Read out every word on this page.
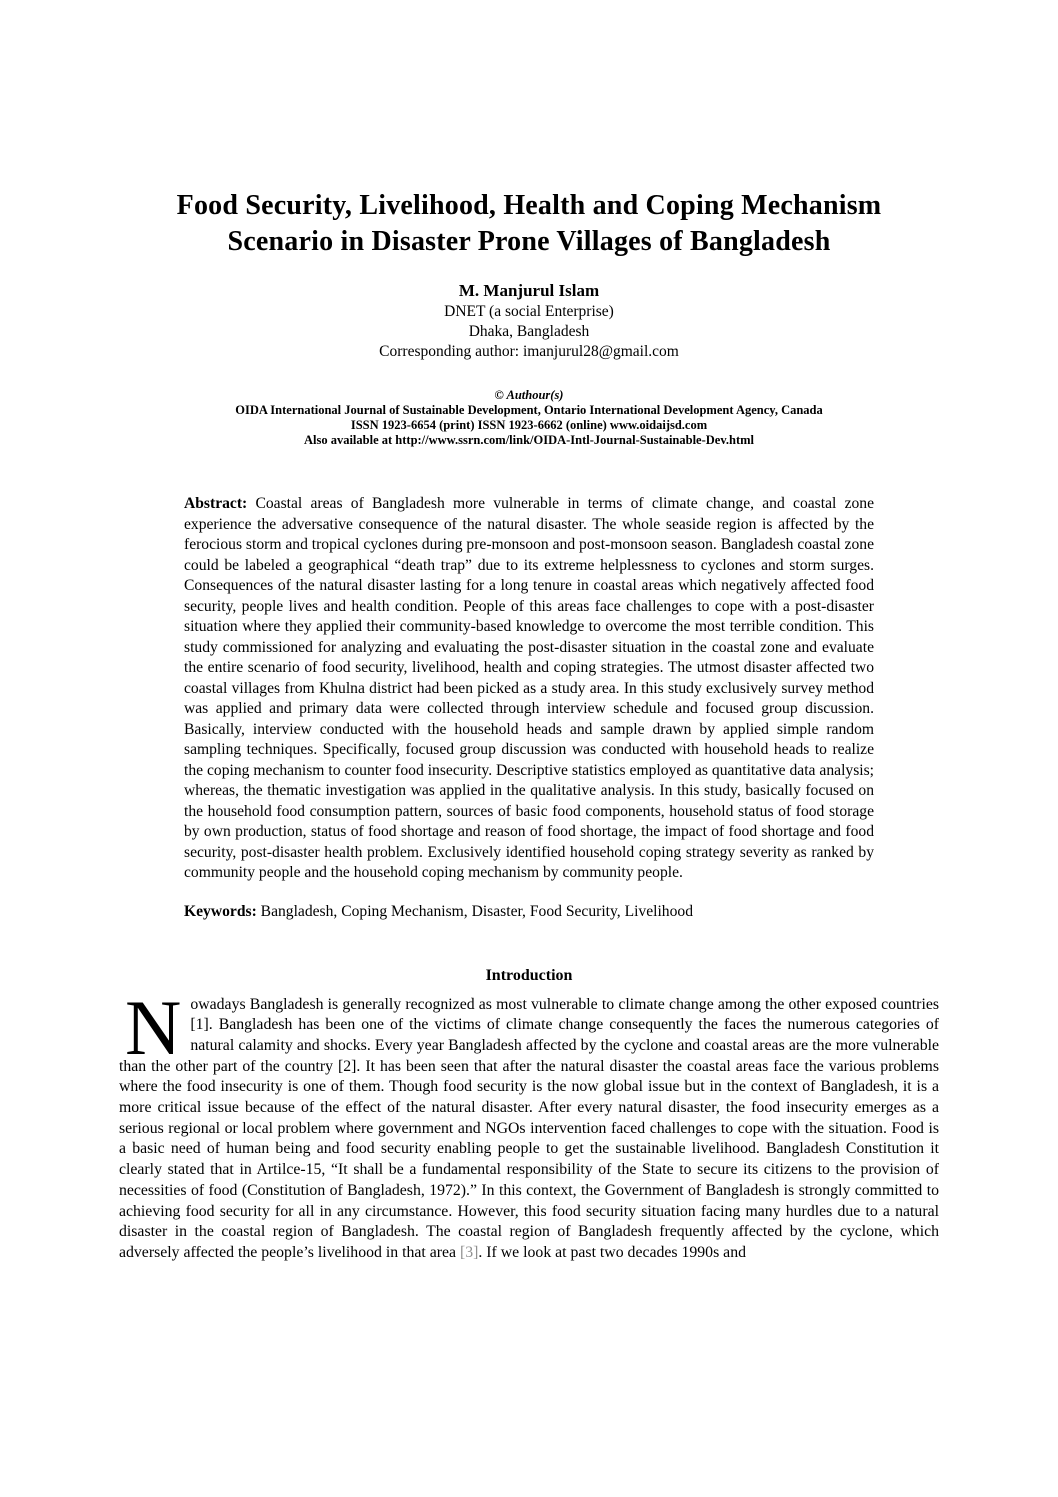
Food Security, Livelihood, Health and Coping Mechanism
Scenario in Disaster Prone Villages of Bangladesh
M. Manjurul Islam
DNET (a social Enterprise)
Dhaka, Bangladesh
Corresponding author: imanjurul28@gmail.com
© Authour(s)
OIDA International Journal of Sustainable Development, Ontario International Development Agency, Canada
ISSN 1923-6654 (print) ISSN 1923-6662 (online) www.oidaijsd.com
Also available at http://www.ssrn.com/link/OIDA-Intl-Journal-Sustainable-Dev.html

Abstract: Coastal areas of Bangladesh more vulnerable in terms of climate change, and coastal zone experience the adversative consequence of the natural disaster. The whole seaside region is affected by the ferocious storm and tropical cyclones during pre-monsoon and post-monsoon season. Bangladesh coastal zone could be labeled a geographical “death trap” due to its extreme helplessness to cyclones and storm surges. Consequences of the natural disaster lasting for a long tenure in coastal areas which negatively affected food security, people lives and health condition. People of this areas face challenges to cope with a post-disaster situation where they applied their community-based knowledge to overcome the most terrible condition. This study commissioned for analyzing and evaluating the post-disaster situation in the coastal zone and evaluate the entire scenario of food security, livelihood, health and coping strategies. The utmost disaster affected two coastal villages from Khulna district had been picked as a study area. In this study exclusively survey method was applied and primary data were collected through interview schedule and focused group discussion. Basically, interview conducted with the household heads and sample drawn by applied simple random sampling techniques. Specifically, focused group discussion was conducted with household heads to realize the coping mechanism to counter food insecurity. Descriptive statistics employed as quantitative data analysis; whereas, the thematic investigation was applied in the qualitative analysis. In this study, basically focused on the household food consumption pattern, sources of basic food components, household status of food storage by own production, status of food shortage and reason of food shortage, the impact of food shortage and food security, post-disaster health problem. Exclusively identified household coping strategy severity as ranked by community people and the household coping mechanism by community people.

Keywords: Bangladesh, Coping Mechanism, Disaster, Food Security, Livelihood

Introduction

Nowadays Bangladesh is generally recognized as most vulnerable to climate change among the other exposed countries [1]. Bangladesh has been one of the victims of climate change consequently the faces the numerous categories of natural calamity and shocks. Every year Bangladesh affected by the cyclone and coastal areas are the more vulnerable than the other part of the country [2]. It has been seen that after the natural disaster the coastal areas face the various problems where the food insecurity is one of them. Though food security is the now global issue but in the context of Bangladesh, it is a more critical issue because of the effect of the natural disaster. After every natural disaster, the food insecurity emerges as a serious regional or local problem where government and NGOs intervention faced challenges to cope with the situation. Food is a basic need of human being and food security enabling people to get the sustainable livelihood. Bangladesh Constitution it clearly stated that in Artilce-15, “It shall be a fundamental responsibility of the State to secure its citizens to the provision of necessities of food (Constitution of Bangladesh, 1972).” In this context, the Government of Bangladesh is strongly committed to achieving food security for all in any circumstance. However, this food security situation facing many hurdles due to a natural disaster in the coastal region of Bangladesh. The coastal region of Bangladesh frequently affected by the cyclone, which adversely affected the people’s livelihood in that area [3]. If we look at past two decades 1990s and
